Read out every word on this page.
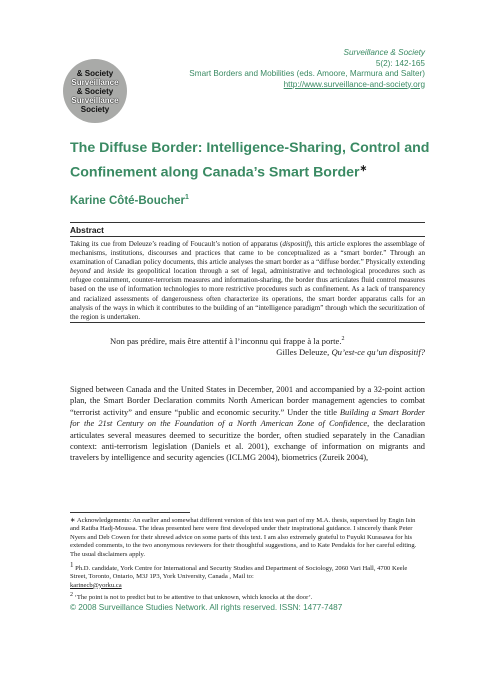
& Society
Surveillance
& Society
Surveillance
Society
Surveillance & Society
5(2): 142-165
Smart Borders and Mobilities (eds. Amoore, Marmura and Salter)
http://www.surveillance-and-society.org
The Diffuse Border: Intelligence-Sharing, Control and Confinement along Canada’s Smart Border∗
Karine Côté-Boucher$^1$
Abstract
Taking its cue from Deleuze’s reading of Foucault’s notion of apparatus (dispositif), this article explores the assemblage of mechanisms, institutions, discourses and practices that came to be conceptualized as a “smart border.” Through an examination of Canadian policy documents, this article analyses the smart border as a “diffuse border.” Physically extending beyond and inside its geopolitical location through a set of legal, administrative and technological procedures such as refugee containment, counter-terrorism measures and information-sharing, the border thus articulates fluid control measures based on the use of information technologies to more restrictive procedures such as confinement. As a lack of transparency and racialized assessments of dangerousness often characterize its operations, the smart border apparatus calls for an analysis of the ways in which it contributes to the building of an “intelligence paradigm” through which the securitization of the region is undertaken.
Non pas prédire, mais être attentif à l’inconnu qui frappe à la porte.$^2$
Gilles Deleuze, Qu’est-ce qu’un dispositif?
Signed between Canada and the United States in December, 2001 and accompanied by a 32-point action plan, the Smart Border Declaration commits North American border management agencies to combat “terrorist activity” and ensure “public and economic security.” Under the title Building a Smart Border for the 21st Century on the Foundation of a North American Zone of Confidence, the declaration articulates several measures deemed to securitize the border, often studied separately in the Canadian context: anti-terrorism legislation (Daniels et al. 2001), exchange of information on migrants and travelers by intelligence and security agencies (ICLMG 2004), biometrics (Zureik 2004),

∗ Acknowledgements: An earlier and somewhat different version of this text was part of my M.A. thesis, supervised by Engin Isin and Ratiba Hadj-Moussa. The ideas presented here were first developed under their inspirational guidance. I sincerely thank Peter Nyers and Deb Cowen for their shrewd advice on some parts of this text. I am also extremely grateful to Fuyuki Kurasawa for his extended comments, to the two anonymous reviewers for their thoughtful suggestions, and to Kate Pendakis for her careful editing. The usual disclaimers apply.

$^1$ Ph.D. candidate, York Centre for International and Security Studies and Department of Sociology, 2060 Vari Hall, 4700 Keele Street, Toronto, Ontario, M3J 1P3, York University, Canada , Mail to:
karinecb@yorku.ca

$^2$ ‘The point is not to predict but to be attentive to that unknown, which knocks at the door’.

© 2008 Surveillance Studies Network. All rights reserved. ISSN: 1477-7487
